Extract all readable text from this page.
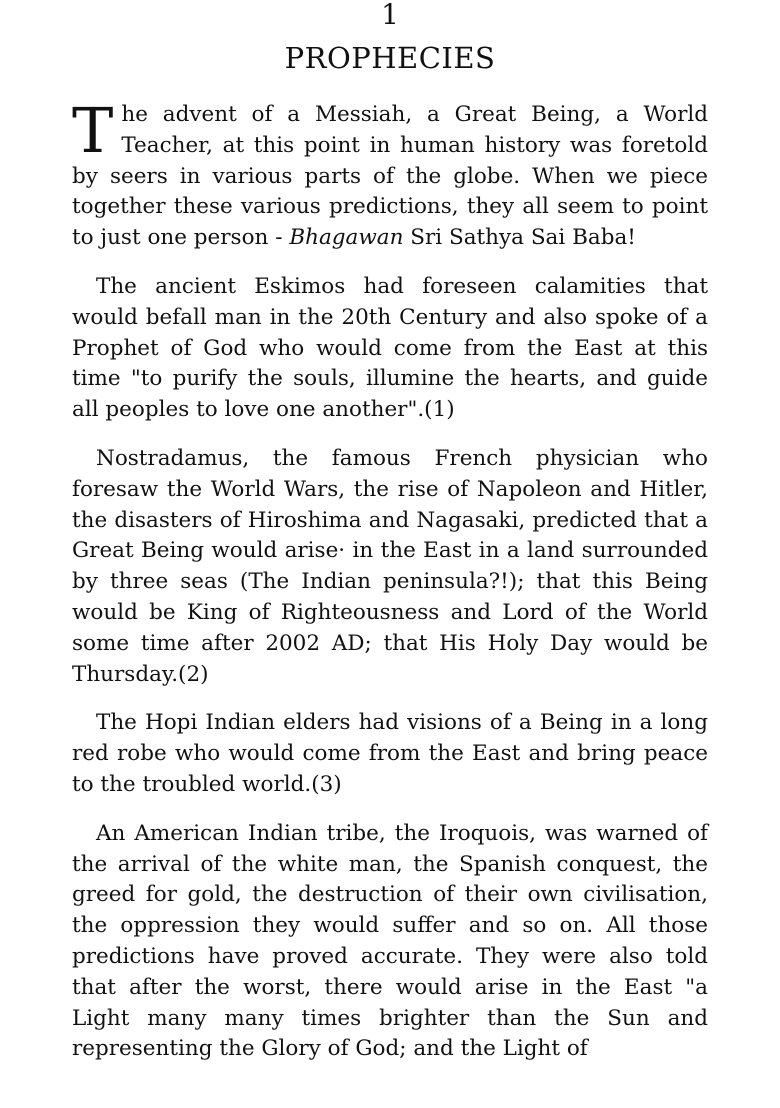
1
PROPHECIES

The advent of a Messiah, a Great Being, a World Teacher, at this point in human history was foretold by seers in various parts of the globe. When we piece together these various predictions, they all seem to point to just one person - Bhagawan Sri Sathya Sai Baba!

The ancient Eskimos had foreseen calamities that would befall man in the 20th Century and also spoke of a Prophet of God who would come from the East at this time "to purify the souls, illumine the hearts, and guide all peoples to love one another".(1)

Nostradamus, the famous French physician who foresaw the World Wars, the rise of Napoleon and Hitler, the disasters of Hiroshima and Nagasaki, predicted that a Great Being would arise· in the East in a land surrounded by three seas (The Indian peninsula?!); that this Being would be King of Righteousness and Lord of the World some time after 2002 AD; that His Holy Day would be Thursday.(2)

The Hopi Indian elders had visions of a Being in a long red robe who would come from the East and bring peace to the troubled world.(3)

An American Indian tribe, the Iroquois, was warned of the arrival of the white man, the Spanish conquest, the greed for gold, the destruction of their own civilisation, the oppression they would suffer and so on. All those predictions have proved accurate. They were also told that after the worst, there would arise in the East "a Light many many times brighter than the Sun and representing the Glory of God; and the Light of
